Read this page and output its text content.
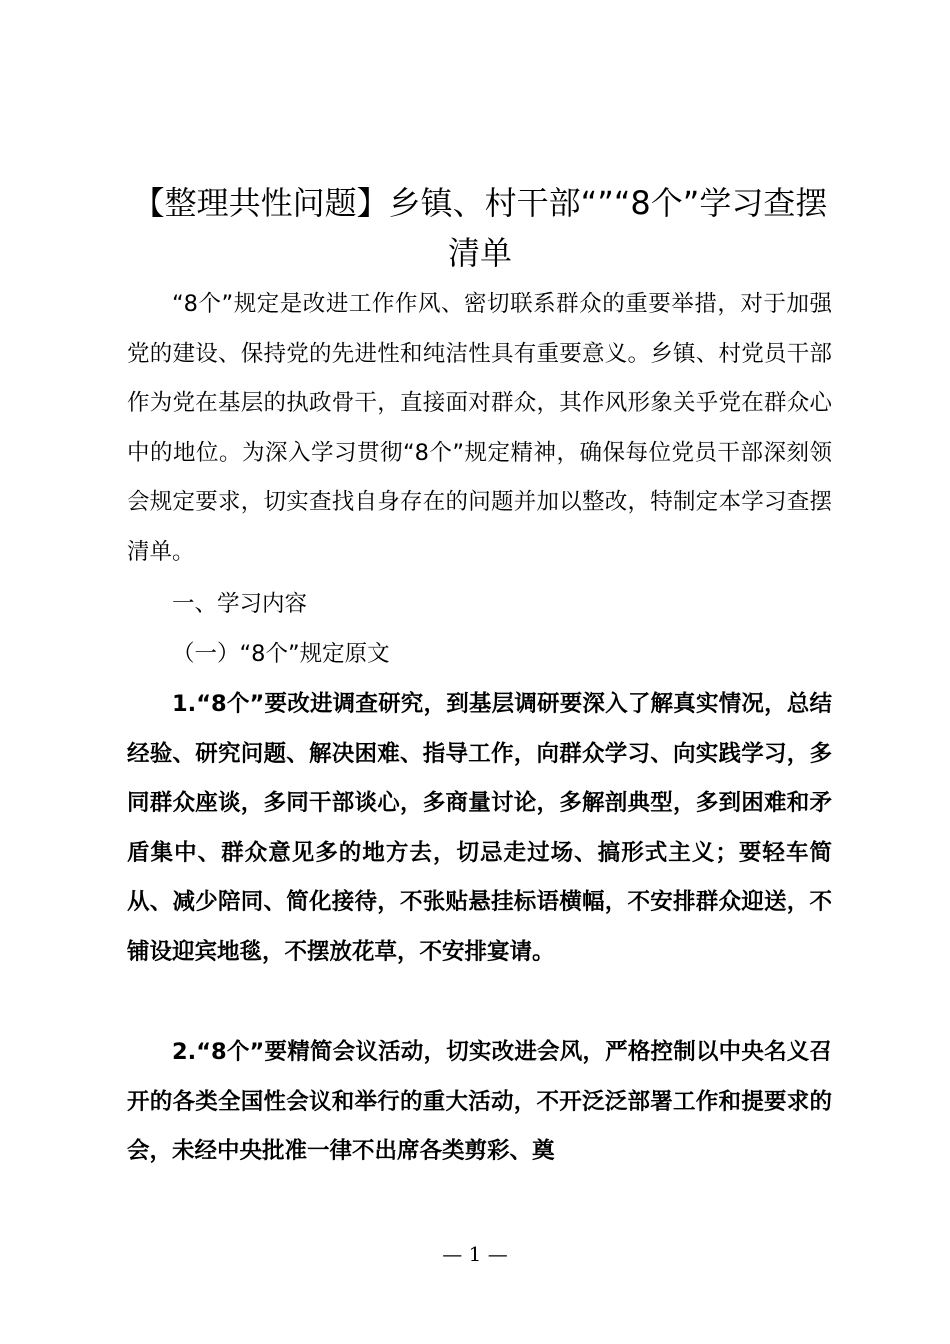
【整理共性问题】乡镇、村干部“”“8个”学习查摆清单

“8个”规定是改进工作作风、密切联系群众的重要举措，对于加强党的建设、保持党的先进性和纯洁性具有重要意义。乡镇、村党员干部作为党在基层的执政骨干，直接面对群众，其作风形象关乎党在群众心中的地位。为深入学习贯彻“8个”规定精神，确保每位党员干部深刻领会规定要求，切实查找自身存在的问题并加以整改，特制定本学习查摆清单。

一、学习内容

（一）“8个”规定原文

1.“8个”要改进调查研究，到基层调研要深入了解真实情况，总结经验、研究问题、解决困难、指导工作，向群众学习、向实践学习，多同群众座谈，多同干部谈心，多商量讨论，多解剖典型，多到困难和矛盾集中、群众意见多的地方去，切忌走过场、搞形式主义；要轻车简从、减少陪同、简化接待，不张贴悬挂标语横幅，不安排群众迎送，不铺设迎宾地毯，不摆放花草，不安排宴请。

2.“8个”要精简会议活动，切实改进会风，严格控制以中央名义召开的各类全国性会议和举行的重大活动，不开泛泛部署工作和提要求的会，未经中央批准一律不出席各类剪彩、奠

— 1 —
